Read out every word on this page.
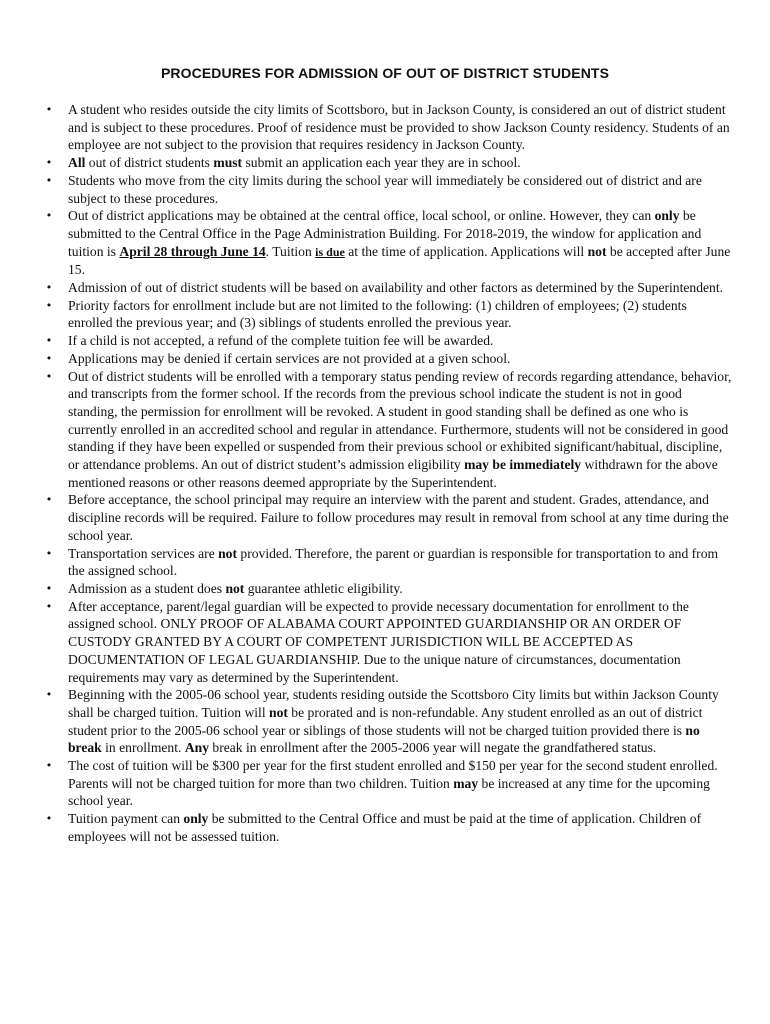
PROCEDURES FOR ADMISSION OF OUT OF DISTRICT STUDENTS
• A student who resides outside the city limits of Scottsboro, but in Jackson County, is considered an out of district student and is subject to these procedures. Proof of residence must be provided to show Jackson County residency. Students of an employee are not subject to the provision that requires residency in Jackson County.
• All out of district students must submit an application each year they are in school.
• Students who move from the city limits during the school year will immediately be considered out of district and are subject to these procedures.
• Out of district applications may be obtained at the central office, local school, or online. However, they can only be submitted to the Central Office in the Page Administration Building. For 2018-2019, the window for application and tuition is April 28 through June 14. Tuition is due at the time of application. Applications will not be accepted after June 15.
• Admission of out of district students will be based on availability and other factors as determined by the Superintendent.
• Priority factors for enrollment include but are not limited to the following: (1) children of employees; (2) students enrolled the previous year; and (3) siblings of students enrolled the previous year.
• If a child is not accepted, a refund of the complete tuition fee will be awarded.
• Applications may be denied if certain services are not provided at a given school.
• Out of district students will be enrolled with a temporary status pending review of records regarding attendance, behavior, and transcripts from the former school. If the records from the previous school indicate the student is not in good standing, the permission for enrollment will be revoked. A student in good standing shall be defined as one who is currently enrolled in an accredited school and regular in attendance. Furthermore, students will not be considered in good standing if they have been expelled or suspended from their previous school or exhibited significant/habitual, discipline, or attendance problems. An out of district student’s admission eligibility may be immediately withdrawn for the above mentioned reasons or other reasons deemed appropriate by the Superintendent.
• Before acceptance, the school principal may require an interview with the parent and student. Grades, attendance, and discipline records will be required. Failure to follow procedures may result in removal from school at any time during the school year.
• Transportation services are not provided. Therefore, the parent or guardian is responsible for transportation to and from the assigned school.
• Admission as a student does not guarantee athletic eligibility.
• After acceptance, parent/legal guardian will be expected to provide necessary documentation for enrollment to the assigned school. ONLY PROOF OF ALABAMA COURT APPOINTED GUARDIANSHIP OR AN ORDER OF CUSTODY GRANTED BY A COURT OF COMPETENT JURISDICTION WILL BE ACCEPTED AS DOCUMENTATION OF LEGAL GUARDIANSHIP. Due to the unique nature of circumstances, documentation requirements may vary as determined by the Superintendent.
• Beginning with the 2005-06 school year, students residing outside the Scottsboro City limits but within Jackson County shall be charged tuition. Tuition will not be prorated and is non-refundable. Any student enrolled as an out of district student prior to the 2005-06 school year or siblings of those students will not be charged tuition provided there is no break in enrollment. Any break in enrollment after the 2005-2006 year will negate the grandfathered status.
• The cost of tuition will be $300 per year for the first student enrolled and $150 per year for the second student enrolled. Parents will not be charged tuition for more than two children. Tuition may be increased at any time for the upcoming school year.
• Tuition payment can only be submitted to the Central Office and must be paid at the time of application. Children of employees will not be assessed tuition.
